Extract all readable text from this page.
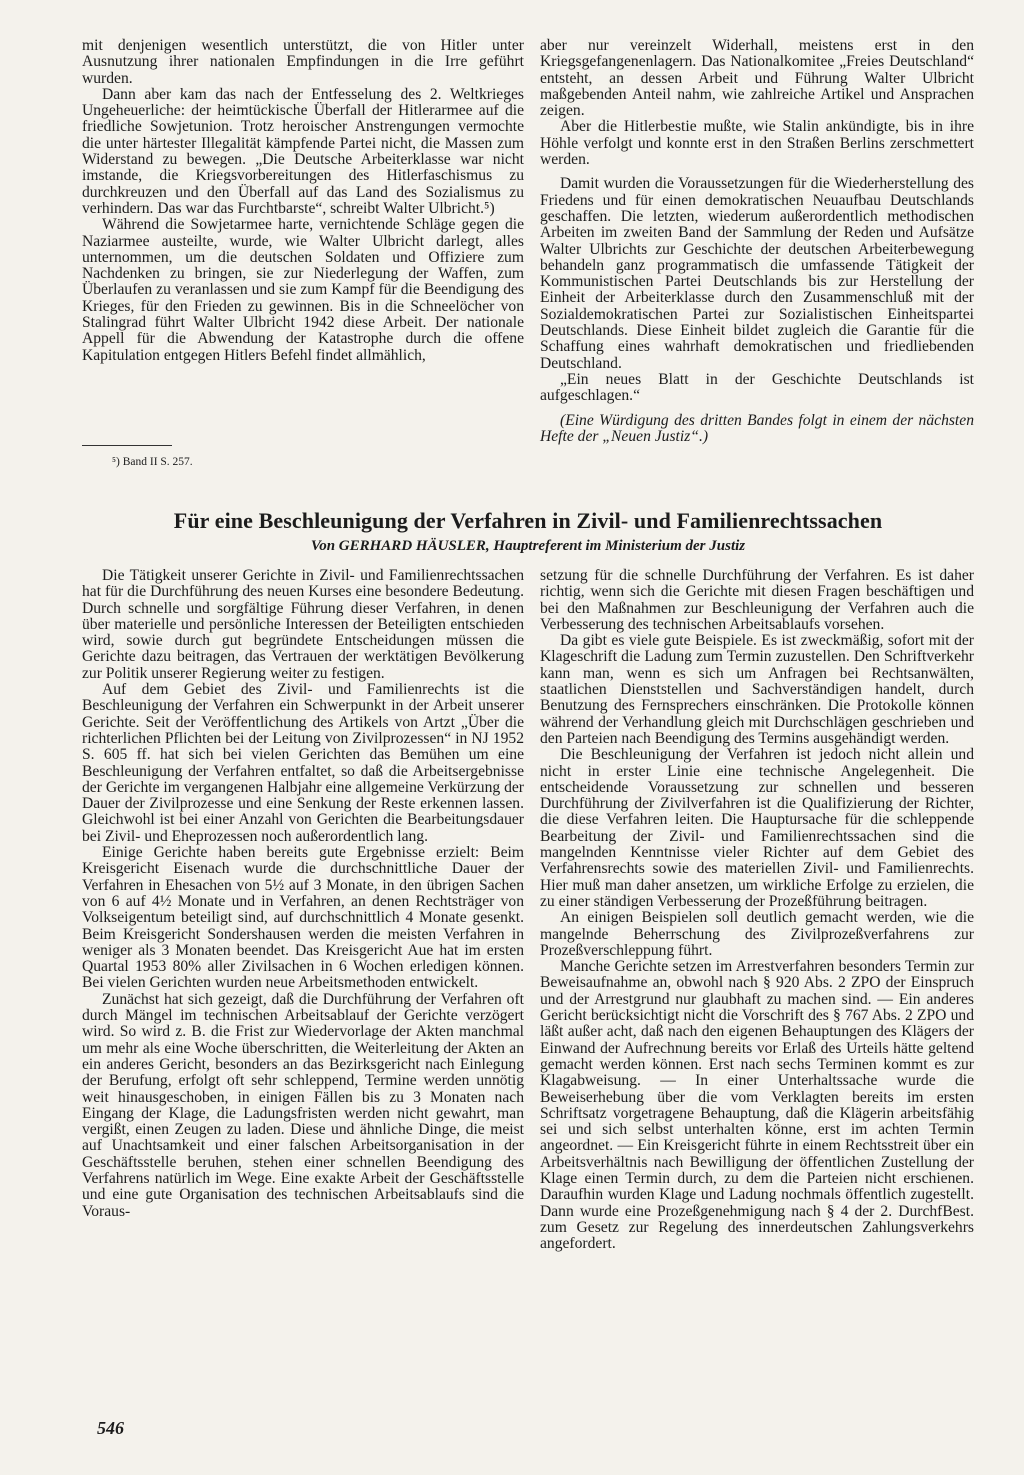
mit denjenigen wesentlich unterstützt, die von Hitler unter Ausnutzung ihrer nationalen Empfindungen in die Irre geführt wurden.

Dann aber kam das nach der Entfesselung des 2. Weltkrieges Ungeheuerliche: der heimtückische Überfall der Hitlerarmee auf die friedliche Sowjetunion. Trotz heroischer Anstrengungen vermochte die unter härtester Illegalität kämpfende Partei nicht, die Massen zum Widerstand zu bewegen. „Die Deutsche Arbeiterklasse war nicht imstande, die Kriegsvorbereitungen des Hitlerfaschismus zu durchkreuzen und den Überfall auf das Land des Sozialismus zu verhindern. Das war das Furchtbarste“, schreibt Walter Ulbricht.⁵)

Während die Sowjetarmee harte, vernichtende Schläge gegen die Naziarmee austeilte, wurde, wie Walter Ulbricht darlegt, alles unternommen, um die deutschen Soldaten und Offiziere zum Nachdenken zu bringen, sie zur Niederlegung der Waffen, zum Überlaufen zu veranlassen und sie zum Kampf für die Beendigung des Krieges, für den Frieden zu gewinnen. Bis in die Schneelöcher von Stalingrad führt Walter Ulbricht 1942 diese Arbeit. Der nationale Appell für die Abwendung der Katastrophe durch die offene Kapitulation entgegen Hitlers Befehl findet allmählich,

⁵) Band II S. 257.

aber nur vereinzelt Widerhall, meistens erst in den Kriegsgefangenenlagern. Das Nationalkomitee „Freies Deutschland“ entsteht, an dessen Arbeit und Führung Walter Ulbricht maßgebenden Anteil nahm, wie zahlreiche Artikel und Ansprachen zeigen.

Aber die Hitlerbestie mußte, wie Stalin ankündigte, bis in ihre Höhle verfolgt und konnte erst in den Straßen Berlins zerschmettert werden.

Damit wurden die Voraussetzungen für die Wiederherstellung des Friedens und für einen demokratischen Neuaufbau Deutschlands geschaffen. Die letzten, wiederum außerordentlich methodischen Arbeiten im zweiten Band der Sammlung der Reden und Aufsätze Walter Ulbrichts zur Geschichte der deutschen Arbeiterbewegung behandeln ganz programmatisch die umfassende Tätigkeit der Kommunistischen Partei Deutschlands bis zur Herstellung der Einheit der Arbeiterklasse durch den Zusammenschluß mit der Sozialdemokratischen Partei zur Sozialistischen Einheitspartei Deutschlands. Diese Einheit bildet zugleich die Garantie für die Schaffung eines wahrhaft demokratischen und friedliebenden Deutschland.

„Ein neues Blatt in der Geschichte Deutschlands ist aufgeschlagen.“

(Eine Würdigung des dritten Bandes folgt in einem der nächsten Hefte der „Neuen Justiz“.)

Für eine Beschleunigung der Verfahren in Zivil- und Familienrechtssachen
Von GERHARD HÄUSLER, Hauptreferent im Ministerium der Justiz

Die Tätigkeit unserer Gerichte in Zivil- und Familienrechtssachen hat für die Durchführung des neuen Kurses eine besondere Bedeutung. Durch schnelle und sorgfältige Führung dieser Verfahren, in denen über materielle und persönliche Interessen der Beteiligten entschieden wird, sowie durch gut begründete Entscheidungen müssen die Gerichte dazu beitragen, das Vertrauen der werktätigen Bevölkerung zur Politik unserer Regierung weiter zu festigen.

Auf dem Gebiet des Zivil- und Familienrechts ist die Beschleunigung der Verfahren ein Schwerpunkt in der Arbeit unserer Gerichte. Seit der Veröffentlichung des Artikels von Artzt „Über die richterlichen Pflichten bei der Leitung von Zivilprozessen“ in NJ 1952 S. 605 ff. hat sich bei vielen Gerichten das Bemühen um eine Beschleunigung der Verfahren entfaltet, so daß die Arbeitsergebnisse der Gerichte im vergangenen Halbjahr eine allgemeine Verkürzung der Dauer der Zivilprozesse und eine Senkung der Reste erkennen lassen. Gleichwohl ist bei einer Anzahl von Gerichten die Bearbeitungsdauer bei Zivil- und Eheprozessen noch außerordentlich lang.

Einige Gerichte haben bereits gute Ergebnisse erzielt: Beim Kreisgericht Eisenach wurde die durchschnittliche Dauer der Verfahren in Ehesachen von 5½ auf 3 Monate, in den übrigen Sachen von 6 auf 4½ Monate und in Verfahren, an denen Rechtsträger von Volkseigentum beteiligt sind, auf durchschnittlich 4 Monate gesenkt. Beim Kreisgericht Sondershausen werden die meisten Verfahren in weniger als 3 Monaten beendet. Das Kreisgericht Aue hat im ersten Quartal 1953 80% aller Zivilsachen in 6 Wochen erledigen können. Bei vielen Gerichten wurden neue Arbeitsmethoden entwickelt.

Zunächst hat sich gezeigt, daß die Durchführung der Verfahren oft durch Mängel im technischen Arbeitsablauf der Gerichte verzögert wird. So wird z. B. die Frist zur Wiedervorlage der Akten manchmal um mehr als eine Woche überschritten, die Weiterleitung der Akten an ein anderes Gericht, besonders an das Bezirksgericht nach Einlegung der Berufung, erfolgt oft sehr schleppend, Termine werden unnötig weit hinausgeschoben, in einigen Fällen bis zu 3 Monaten nach Eingang der Klage, die Ladungsfristen werden nicht gewahrt, man vergißt, einen Zeugen zu laden. Diese und ähnliche Dinge, die meist auf Unachtsamkeit und einer falschen Arbeitsorganisation in der Geschäftsstelle beruhen, stehen einer schnellen Beendigung des Verfahrens natürlich im Wege. Eine exakte Arbeit der Geschäftsstelle und eine gute Organisation des technischen Arbeitsablaufs sind die Voraus-

setzung für die schnelle Durchführung der Verfahren. Es ist daher richtig, wenn sich die Gerichte mit diesen Fragen beschäftigen und bei den Maßnahmen zur Beschleunigung der Verfahren auch die Verbesserung des technischen Arbeitsablaufs vorsehen.

Da gibt es viele gute Beispiele. Es ist zweckmäßig, sofort mit der Klageschrift die Ladung zum Termin zuzustellen. Den Schriftverkehr kann man, wenn es sich um Anfragen bei Rechtsanwälten, staatlichen Dienststellen und Sachverständigen handelt, durch Benutzung des Fernsprechers einschränken. Die Protokolle können während der Verhandlung gleich mit Durchschlägen geschrieben und den Parteien nach Beendigung des Termins ausgehändigt werden.

Die Beschleunigung der Verfahren ist jedoch nicht allein und nicht in erster Linie eine technische Angelegenheit. Die entscheidende Voraussetzung zur schnellen und besseren Durchführung der Zivilverfahren ist die Qualifizierung der Richter, die diese Verfahren leiten. Die Hauptursache für die schleppende Bearbeitung der Zivil- und Familienrechtssachen sind die mangelnden Kenntnisse vieler Richter auf dem Gebiet des Verfahrensrechts sowie des materiellen Zivil- und Familienrechts. Hier muß man daher ansetzen, um wirkliche Erfolge zu erzielen, die zu einer ständigen Verbesserung der Prozeßführung beitragen.

An einigen Beispielen soll deutlich gemacht werden, wie die mangelnde Beherrschung des Zivilprozeßverfahrens zur Prozeßverschleppung führt.

Manche Gerichte setzen im Arrestverfahren besonders Termin zur Beweisaufnahme an, obwohl nach § 920 Abs. 2 ZPO der Einspruch und der Arrestgrund nur glaubhaft zu machen sind. — Ein anderes Gericht berücksichtigt nicht die Vorschrift des § 767 Abs. 2 ZPO und läßt außer acht, daß nach den eigenen Behauptungen des Klägers der Einwand der Aufrechnung bereits vor Erlaß des Urteils hätte geltend gemacht werden können. Erst nach sechs Terminen kommt es zur Klagabweisung. — In einer Unterhaltssache wurde die Beweiserhebung über die vom Verklagten bereits im ersten Schriftsatz vorgetragene Behauptung, daß die Klägerin arbeitsfähig sei und sich selbst unterhalten könne, erst im achten Termin angeordnet. — Ein Kreisgericht führte in einem Rechtsstreit über ein Arbeitsverhältnis nach Bewilligung der öffentlichen Zustellung der Klage einen Termin durch, zu dem die Parteien nicht erschienen. Daraufhin wurden Klage und Ladung nochmals öffentlich zugestellt. Dann wurde eine Prozeßgenehmigung nach § 4 der 2. DurchfBest. zum Gesetz zur Regelung des innerdeutschen Zahlungsverkehrs angefordert.

546
